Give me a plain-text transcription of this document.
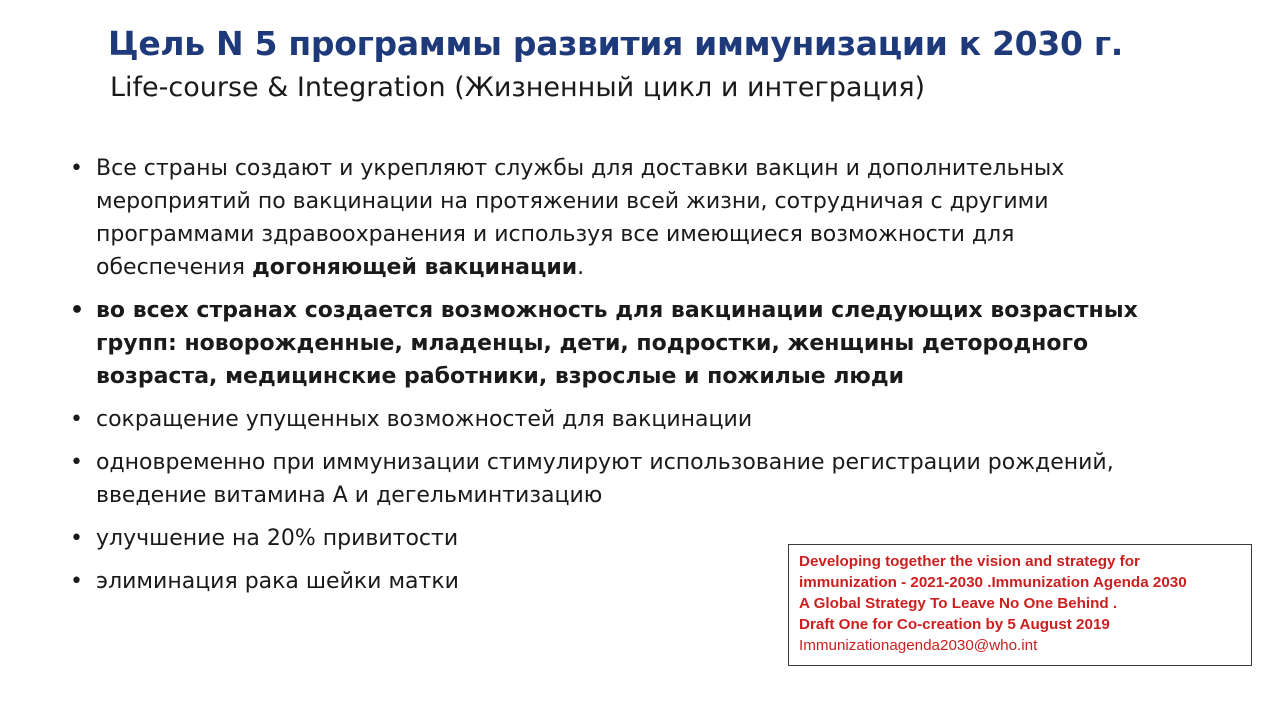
Цель N 5 программы развития иммунизации к 2030 г.
Life-course & Integration (Жизненный цикл и интеграция)
• Все страны создают и укрепляют службы для доставки вакцин и дополнительных мероприятий по вакцинации на протяжении всей жизни, сотрудничая с другими программами здравоохранения и используя все имеющиеся возможности для обеспечения догоняющей вакцинации.
• во всех странах создается возможность для вакцинации следующих возрастных групп: новорожденные, младенцы, дети, подростки, женщины детородного возраста, медицинские работники, взрослые и пожилые люди
• сокращение упущенных возможностей для вакцинации
• одновременно при иммунизации стимулируют использование регистрации рождений, введение витамина А и дегельминтизацию
• улучшение на 20% привитости
• элиминация рака шейки матки
Developing together the vision and strategy for
immunization - 2021-2030 .Immunization Agenda 2030
A Global Strategy To Leave No One Behind .
Draft One for Co-creation by 5 August 2019
Immunizationagenda2030@who.int
